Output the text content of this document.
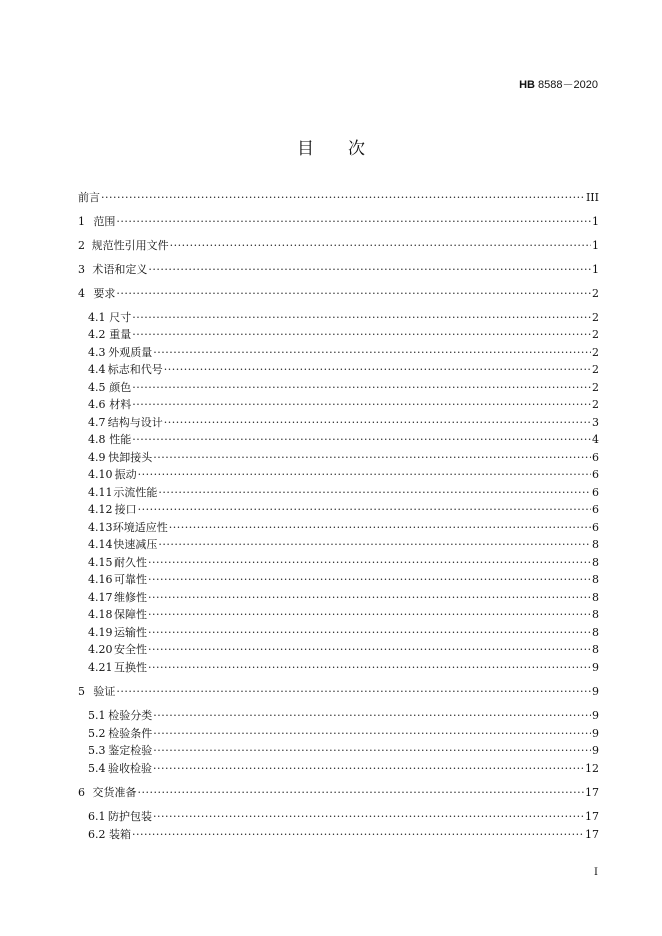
HB 8588－2020
目次
前言 ·····	III
1 范围 ·····	1
2 规范性引用文件 ·····	1
3 术语和定义 ·····	1
4 要求 ·····	2
4.1 尺寸 ·····	2
4.2 重量 ·····	2
4.3 外观质量 ·····	2
4.4 标志和代号 ·····	2
4.5 颜色 ·····	2
4.6 材料 ·····	2
4.7 结构与设计 ·····	3
4.8 性能 ·····	4
4.9 快卸接头 ·····	6
4.10 振动 ·····	6
4.11 示流性能 ·····	6
4.12 接口 ·····	6
4.13 环境适应性 ·····	6
4.14 快速减压 ·····	8
4.15 耐久性 ·····	8
4.16 可靠性 ·····	8
4.17 维修性 ·····	8
4.18 保障性 ·····	8
4.19 运输性 ·····	8
4.20 安全性 ·····	8
4.21 互换性 ·····	9
5 验证 ·····	9
5.1 检验分类 ·····	9
5.2 检验条件 ·····	9
5.3 鉴定检验 ·····	9
5.4 验收检验 ·····	12
6 交货准备 ·····	17
6.1 防护包装 ·····	17
6.2 装箱 ·····	17
I
